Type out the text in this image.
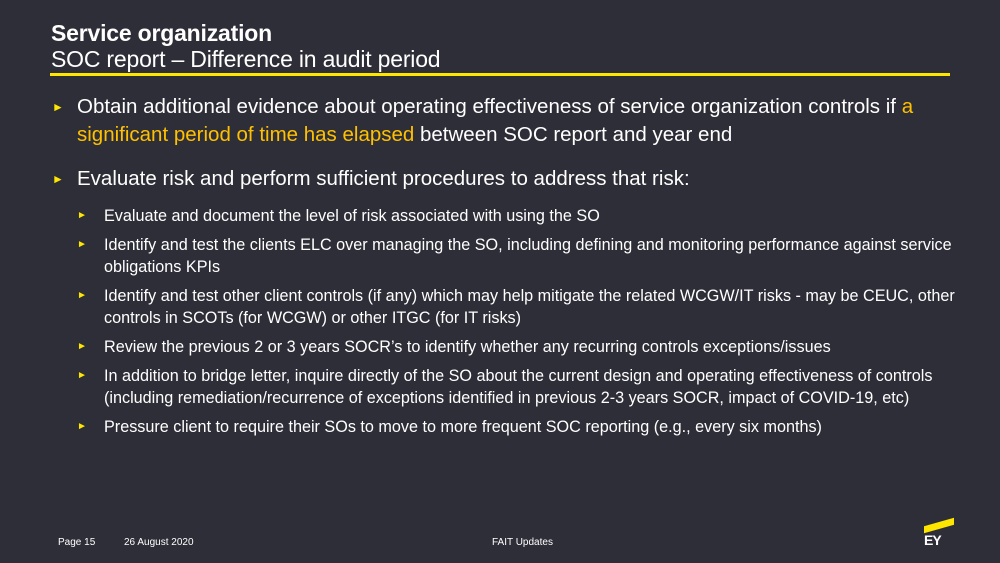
Service organization
SOC report – Difference in audit period
► Obtain additional evidence about operating effectiveness of service organization controls if a significant period of time has elapsed between SOC report and year end
► Evaluate risk and perform sufficient procedures to address that risk:
►	Evaluate and document the level of risk associated with using the SO
►	Identify and test the clients ELC over managing the SO, including defining and monitoring performance against service obligations KPIs
►	Identify and test other client controls (if any) which may help mitigate the related WCGW/IT risks - may be CEUC, other controls in SCOTs (for WCGW) or other ITGC (for IT risks)
►	Review the previous 2 or 3 years SOCR’s to identify whether any recurring controls exceptions/issues
►	In addition to bridge letter, inquire directly of the SO about the current design and operating effectiveness of controls (including remediation/recurrence of exceptions identified in previous 2-3 years SOCR, impact of COVID-19, etc)
►	Pressure client to require their SOs to move to more frequent SOC reporting (e.g., every six months)
Page 15	26 August 2020	FAIT Updates	EY
